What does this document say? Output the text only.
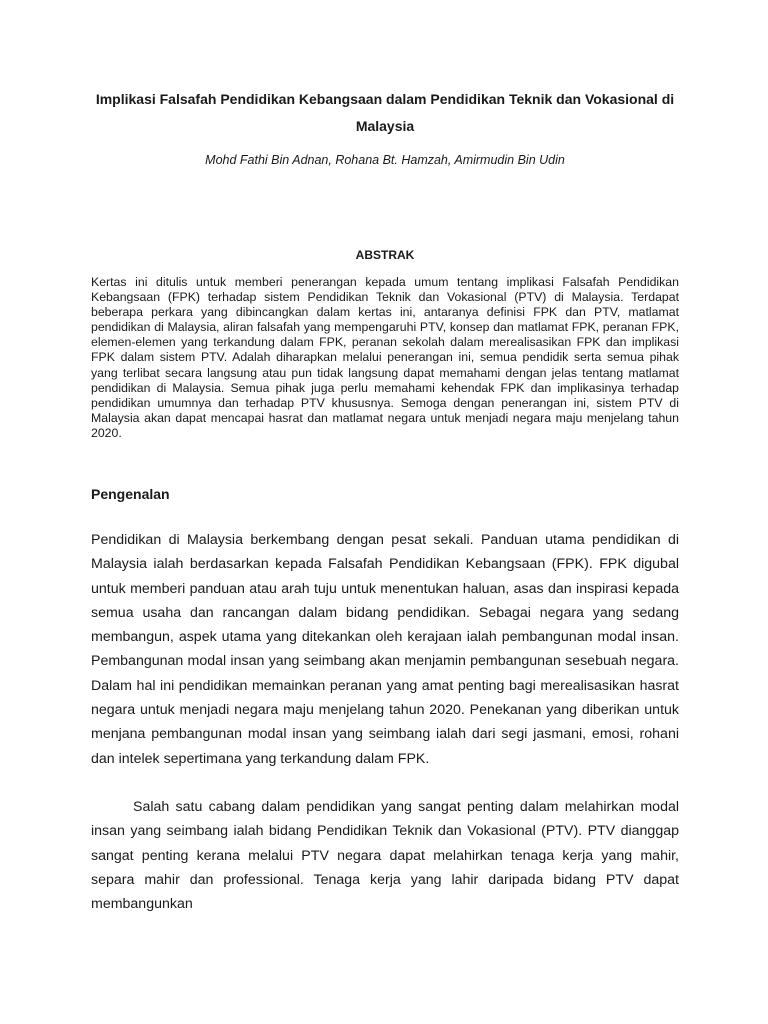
Implikasi Falsafah Pendidikan Kebangsaan dalam Pendidikan Teknik dan Vokasional di Malaysia
Mohd Fathi Bin Adnan, Rohana Bt. Hamzah, Amirmudin Bin Udin
ABSTRAK
Kertas ini ditulis untuk memberi penerangan kepada umum tentang implikasi Falsafah Pendidikan Kebangsaan (FPK) terhadap sistem Pendidikan Teknik dan Vokasional (PTV) di Malaysia. Terdapat beberapa perkara yang dibincangkan dalam kertas ini, antaranya definisi FPK dan PTV, matlamat pendidikan di Malaysia, aliran falsafah yang mempengaruhi PTV, konsep dan matlamat FPK, peranan FPK, elemen-elemen yang terkandung dalam FPK, peranan sekolah dalam merealisasikan FPK dan implikasi FPK dalam sistem PTV. Adalah diharapkan melalui penerangan ini, semua pendidik serta semua pihak yang terlibat secara langsung atau pun tidak langsung dapat memahami dengan jelas tentang matlamat pendidikan di Malaysia. Semua pihak juga perlu memahami kehendak FPK dan implikasinya terhadap pendidikan umumnya dan terhadap PTV khususnya. Semoga dengan penerangan ini, sistem PTV di Malaysia akan dapat mencapai hasrat dan matlamat negara untuk menjadi negara maju menjelang tahun 2020.
Pengenalan
Pendidikan di Malaysia berkembang dengan pesat sekali. Panduan utama pendidikan di Malaysia ialah berdasarkan kepada Falsafah Pendidikan Kebangsaan (FPK). FPK digubal untuk memberi panduan atau arah tuju untuk menentukan haluan, asas dan inspirasi kepada semua usaha dan rancangan dalam bidang pendidikan. Sebagai negara yang sedang membangun, aspek utama yang ditekankan oleh kerajaan ialah pembangunan modal insan. Pembangunan modal insan yang seimbang akan menjamin pembangunan sesebuah negara. Dalam hal ini pendidikan memainkan peranan yang amat penting bagi merealisasikan hasrat negara untuk menjadi negara maju menjelang tahun 2020. Penekanan yang diberikan untuk menjana pembangunan modal insan yang seimbang ialah dari segi jasmani, emosi, rohani dan intelek sepertimana yang terkandung dalam FPK.
Salah satu cabang dalam pendidikan yang sangat penting dalam melahirkan modal insan yang seimbang ialah bidang Pendidikan Teknik dan Vokasional (PTV). PTV dianggap sangat penting kerana melalui PTV negara dapat melahirkan tenaga kerja yang mahir, separa mahir dan professional. Tenaga kerja yang lahir daripada bidang PTV dapat membangunkan
